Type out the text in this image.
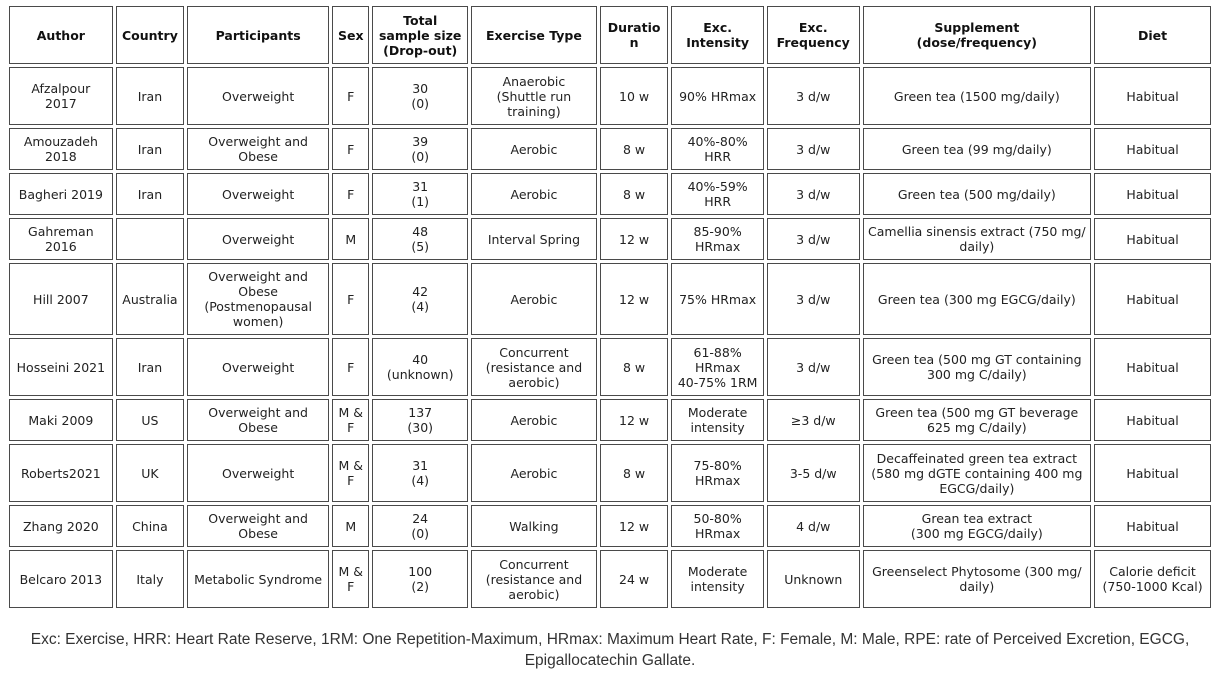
Author	Country	Participants	Sex	Total
sample size
(Drop-out)	Exercise Type	Duration	Exc.
Intensity	Exc.
Frequency	Supplement
(dose/frequency)	Diet

Afzalpour
2017	Iran	Overweight	F	30
(0)	Anaerobic
(Shuttle run
training)	10 w	90% HRmax	3 d/w	Green tea (1500 mg/daily)	Habitual

Amouzadeh
2018	Iran	Overweight and
Obese	F	39
(0)	Aerobic	8 w	40%-80%
HRR	3 d/w	Green tea (99 mg/daily)	Habitual

Bagheri 2019	Iran	Overweight	F	31
(1)	Aerobic	8 w	40%-59%
HRR	3 d/w	Green tea (500 mg/daily)	Habitual

Gahreman
2016		Overweight	M	48
(5)	Interval Spring	12 w	85-90%
HRmax	3 d/w	Camellia sinensis extract (750 mg/
daily)	Habitual

Hill 2007	Australia	Overweight and
Obese
(Postmenopausal
women)	F	42
(4)	Aerobic	12 w	75% HRmax	3 d/w	Green tea (300 mg EGCG/daily)	Habitual

Hosseini 2021	Iran	Overweight	F	40
(unknown)	Concurrent
(resistance and
aerobic)	8 w	61-88%
HRmax
40-75% 1RM	3 d/w	Green tea (500 mg GT containing
300 mg C/daily)	Habitual

Maki 2009	US	Overweight and
Obese	M &
F	137
(30)	Aerobic	12 w	Moderate
intensity	≥3 d/w	Green tea (500 mg GT beverage
625 mg C/daily)	Habitual

Roberts2021	UK	Overweight	M &
F	31
(4)	Aerobic	8 w	75-80%
HRmax	3-5 d/w	Decaffeinated green tea extract
(580 mg dGTE containing 400 mg
EGCG/daily)	Habitual

Zhang 2020	China	Overweight and
Obese	M	24
(0)	Walking	12 w	50-80%
HRmax	4 d/w	Grean tea extract
(300 mg EGCG/daily)	Habitual

Belcaro 2013	Italy	Metabolic Syndrome	M &
F	100
(2)	Concurrent
(resistance and
aerobic)	24 w	Moderate
intensity	Unknown	Greenselect Phytosome (300 mg/
daily)	Calorie deficit
(750-1000 Kcal)
Exc: Exercise, HRR: Heart Rate Reserve, 1RM: One Repetition-Maximum, HRmax: Maximum Heart Rate, F: Female, M: Male, RPE: rate of Perceived Excretion, EGCG, Epigallocatechin Gallate.
